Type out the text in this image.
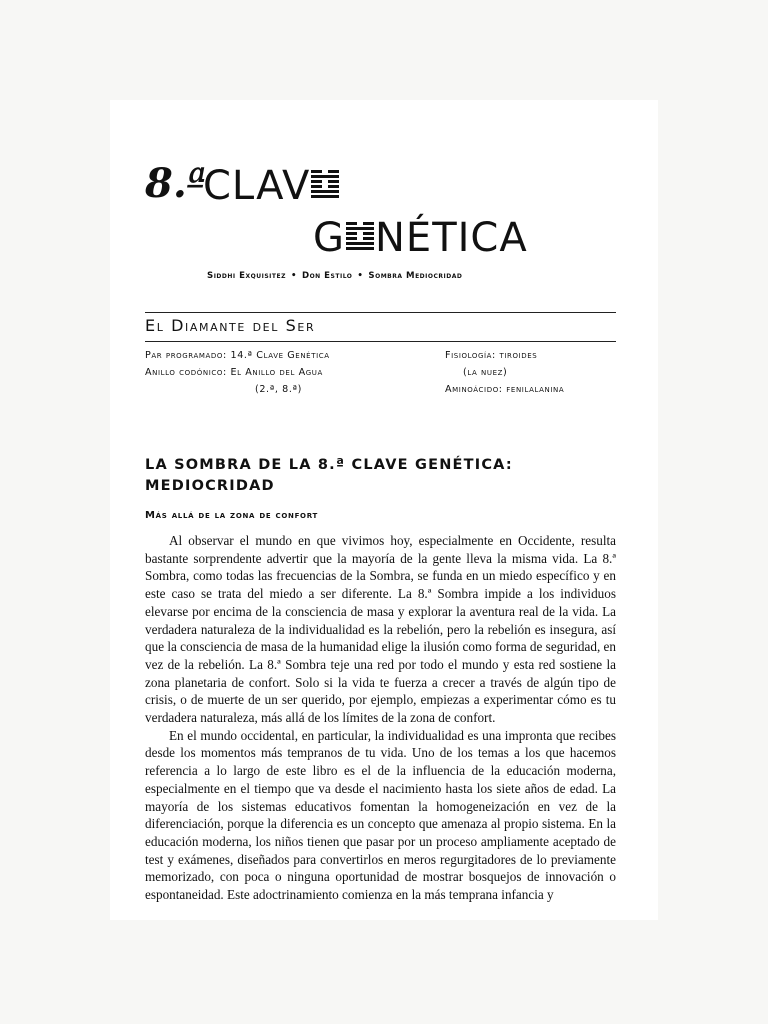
8.ª
CLAV
G NÉTICA
Siddhi Exquisitez • Don Estilo • Sombra Mediocridad
El Diamante del Ser
Par programado: 14.ª Clave Genética
Anillo codónico: El Anillo del Agua
(2.ª, 8.ª)
Fisiología: tiroides
(la nuez)
Aminoácido: fenilalanina
LA SOMBRA DE LA 8.ª CLAVE GENÉTICA:
MEDIOCRIDAD
Más allá de la zona de confort

Al observar el mundo en que vivimos hoy, especialmente en Occidente, resulta bastante sorprendente advertir que la mayoría de la gente lleva la misma vida. La 8.ª Sombra, como todas las frecuencias de la Sombra, se funda en un miedo específico y en este caso se trata del miedo a ser diferente. La 8.ª Sombra impide a los individuos elevarse por encima de la consciencia de masa y explorar la aventura real de la vida. La verdadera naturaleza de la individualidad es la rebelión, pero la rebelión es insegura, así que la consciencia de masa de la humanidad elige la ilusión como forma de seguridad, en vez de la rebelión. La 8.ª Sombra teje una red por todo el mundo y esta red sostiene la zona planetaria de confort. Solo si la vida te fuerza a crecer a través de algún tipo de crisis, o de muerte de un ser querido, por ejemplo, empiezas a experimentar cómo es tu verdadera naturaleza, más allá de los límites de la zona de confort.

En el mundo occidental, en particular, la individualidad es una impronta que recibes desde los momentos más tempranos de tu vida. Uno de los temas a los que hacemos referencia a lo largo de este libro es el de la influencia de la educación moderna, especialmente en el tiempo que va desde el nacimiento hasta los siete años de edad. La mayoría de los sistemas educativos fomentan la homogeneización en vez de la diferenciación, porque la diferencia es un concepto que amenaza al propio sistema. En la educación moderna, los niños tienen que pasar por un proceso ampliamente aceptado de test y exámenes, diseñados para convertirlos en meros regurgitadores de lo previamente memorizado, con poca o ninguna oportunidad de mostrar bosquejos de innovación o espontaneidad. Este adoctrinamiento comienza en la más temprana infancia y
